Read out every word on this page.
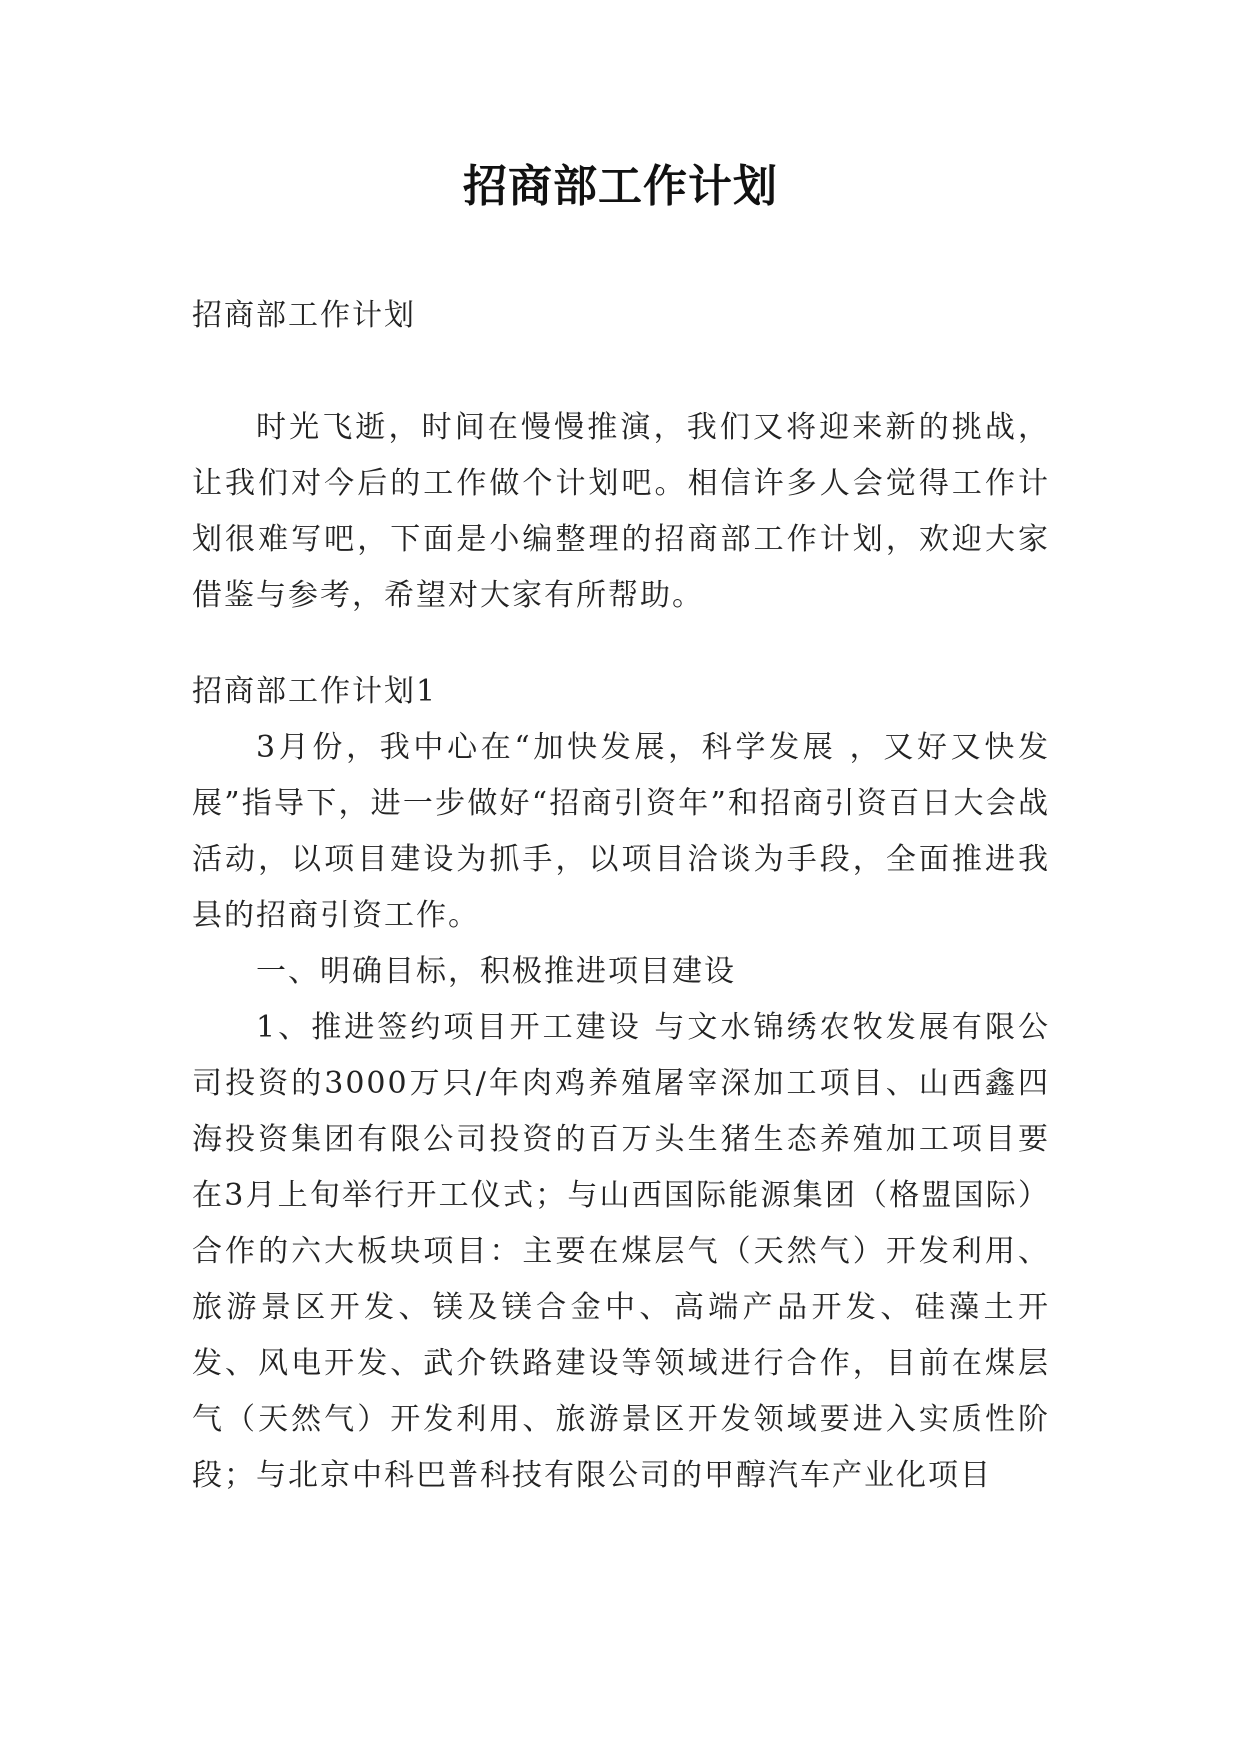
招商部工作计划

招商部工作计划

时光飞逝，时间在慢慢推演，我们又将迎来新的挑战，让我们对今后的工作做个计划吧。相信许多人会觉得工作计划很难写吧，下面是小编整理的招商部工作计划，欢迎大家借鉴与参考，希望对大家有所帮助。

招商部工作计划1

3月份，我中心在“加快发展，科学发展 ，又好又快发展”指导下，进一步做好“招商引资年”和招商引资百日大会战活动，以项目建设为抓手，以项目洽谈为手段，全面推进我县的招商引资工作。

一、明确目标，积极推进项目建设

1、推进签约项目开工建设 与文水锦绣农牧发展有限公司投资的3000万只/年肉鸡养殖屠宰深加工项目、山西鑫四海投资集团有限公司投资的百万头生猪生态养殖加工项目要在3月上旬举行开工仪式；与山西国际能源集团（格盟国际）合作的六大板块项目：主要在煤层气（天然气）开发利用、旅游景区开发、镁及镁合金中、高端产品开发、硅藻土开发、风电开发、武介铁路建设等领域进行合作，目前在煤层气（天然气）开发利用、旅游景区开发领域要进入实质性阶段；与北京中科巴普科技有限公司的甲醇汽车产业化项目
